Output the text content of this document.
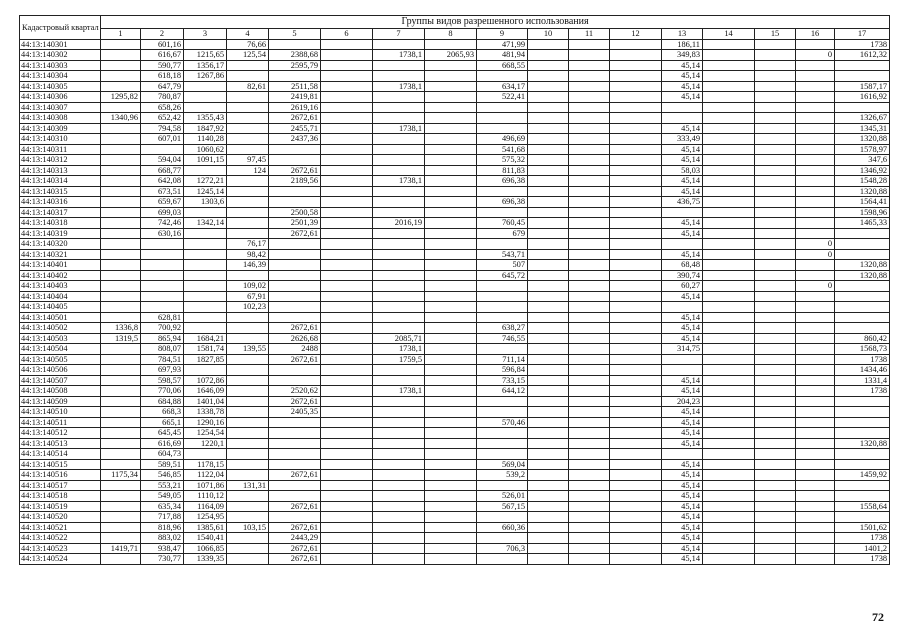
Кадастровый квартал	Группы видов разрешенного использования																
	1	2	3	4	5	6	7	8	9	10	11	12	13	14	15	16	17
44:13:140301		601,16		76,66					471,99				186,11				1738
44:13:140302		616,67	1215,65	125,54	2388,68		1738,1	2065,93	481,94				349,83			0	1612,32
44:13:140303		590,77	1356,17		2595,79				668,55				45,14				
44:13:140304		618,18	1267,86										45,14				
44:13:140305		647,79		82,61	2511,58		1738,1		634,17				45,14				1587,17
44:13:140306	1295,82	780,87			2419,81				522,41				45,14				1616,92
44:13:140307		658,26			2619,16												
44:13:140308	1340,96	652,42	1355,43		2672,61												1326,67
44:13:140309		794,58	1847,92		2455,71		1738,1						45,14				1345,31
44:13:140310		607,01	1140,28		2437,36				496,69				333,49				1320,88
44:13:140311			1060,62						541,68				45,14				1578,97
44:13:140312		594,04	1091,15	97,45					575,32				45,14				347,6
44:13:140313		668,77		124	2672,61				811,83				58,03				1346,92
44:13:140314		642,08	1272,21		2189,56		1738,1		696,38				45,14				1548,28
44:13:140315		673,51	1245,14										45,14				1320,88
44:13:140316		659,67	1303,6						696,38				436,75				1564,41
44:13:140317		699,03			2500,58												1598,96
44:13:140318		742,46	1342,14		2501,39		2016,19		760,45				45,14				1465,33
44:13:140319		630,16			2672,61				679				45,14				
44:13:140320				76,17												0	
44:13:140321				98,42					543,71				45,14			0	
44:13:140401				146,39					507				68,48				1320,88
44:13:140402									645,72				390,74				1320,88
44:13:140403				109,02									60,27			0	
44:13:140404				67,91									45,14				
44:13:140405				102,23													
44:13:140501		628,81											45,14				
44:13:140502	1336,8	700,92			2672,61				638,27				45,14				
44:13:140503	1319,5	865,94	1684,21		2626,68		2085,71		746,55				45,14				860,42
44:13:140504		808,07	1581,74	139,55	2488		1738,1						314,75				1568,73
44:13:140505		784,51	1827,85		2672,61		1759,5		711,14								1738
44:13:140506		697,93							596,84								1434,46
44:13:140507		598,57	1072,86						733,15				45,14				1331,4
44:13:140508		770,06	1646,09		2520,62		1738,1		644,12				45,14				1738
44:13:140509		684,88	1401,04		2672,61								204,23				
44:13:140510		668,3	1338,78		2405,35								45,14				
44:13:140511		665,1	1290,16						570,46				45,14				
44:13:140512		645,45	1254,54										45,14				
44:13:140513		616,69	1220,1										45,14				1320,88
44:13:140514		604,73															
44:13:140515		589,51	1178,15						569,04				45,14				
44:13:140516	1175,34	546,85	1122,04		2672,61				539,2				45,14				1459,92
44:13:140517		553,21	1071,86	131,31									45,14				
44:13:140518		549,05	1110,12						526,01				45,14				
44:13:140519		635,34	1164,09		2672,61				567,15				45,14				1558,64
44:13:140520		717,88	1254,95										45,14				
44:13:140521		818,96	1385,61	103,15	2672,61				660,36				45,14				1501,62
44:13:140522		883,02	1540,41		2443,29								45,14				1738
44:13:140523	1419,71	938,47	1066,85		2672,61				706,3				45,14				1401,2
44:13:140524		730,77	1339,35		2672,61								45,14				1738
72
